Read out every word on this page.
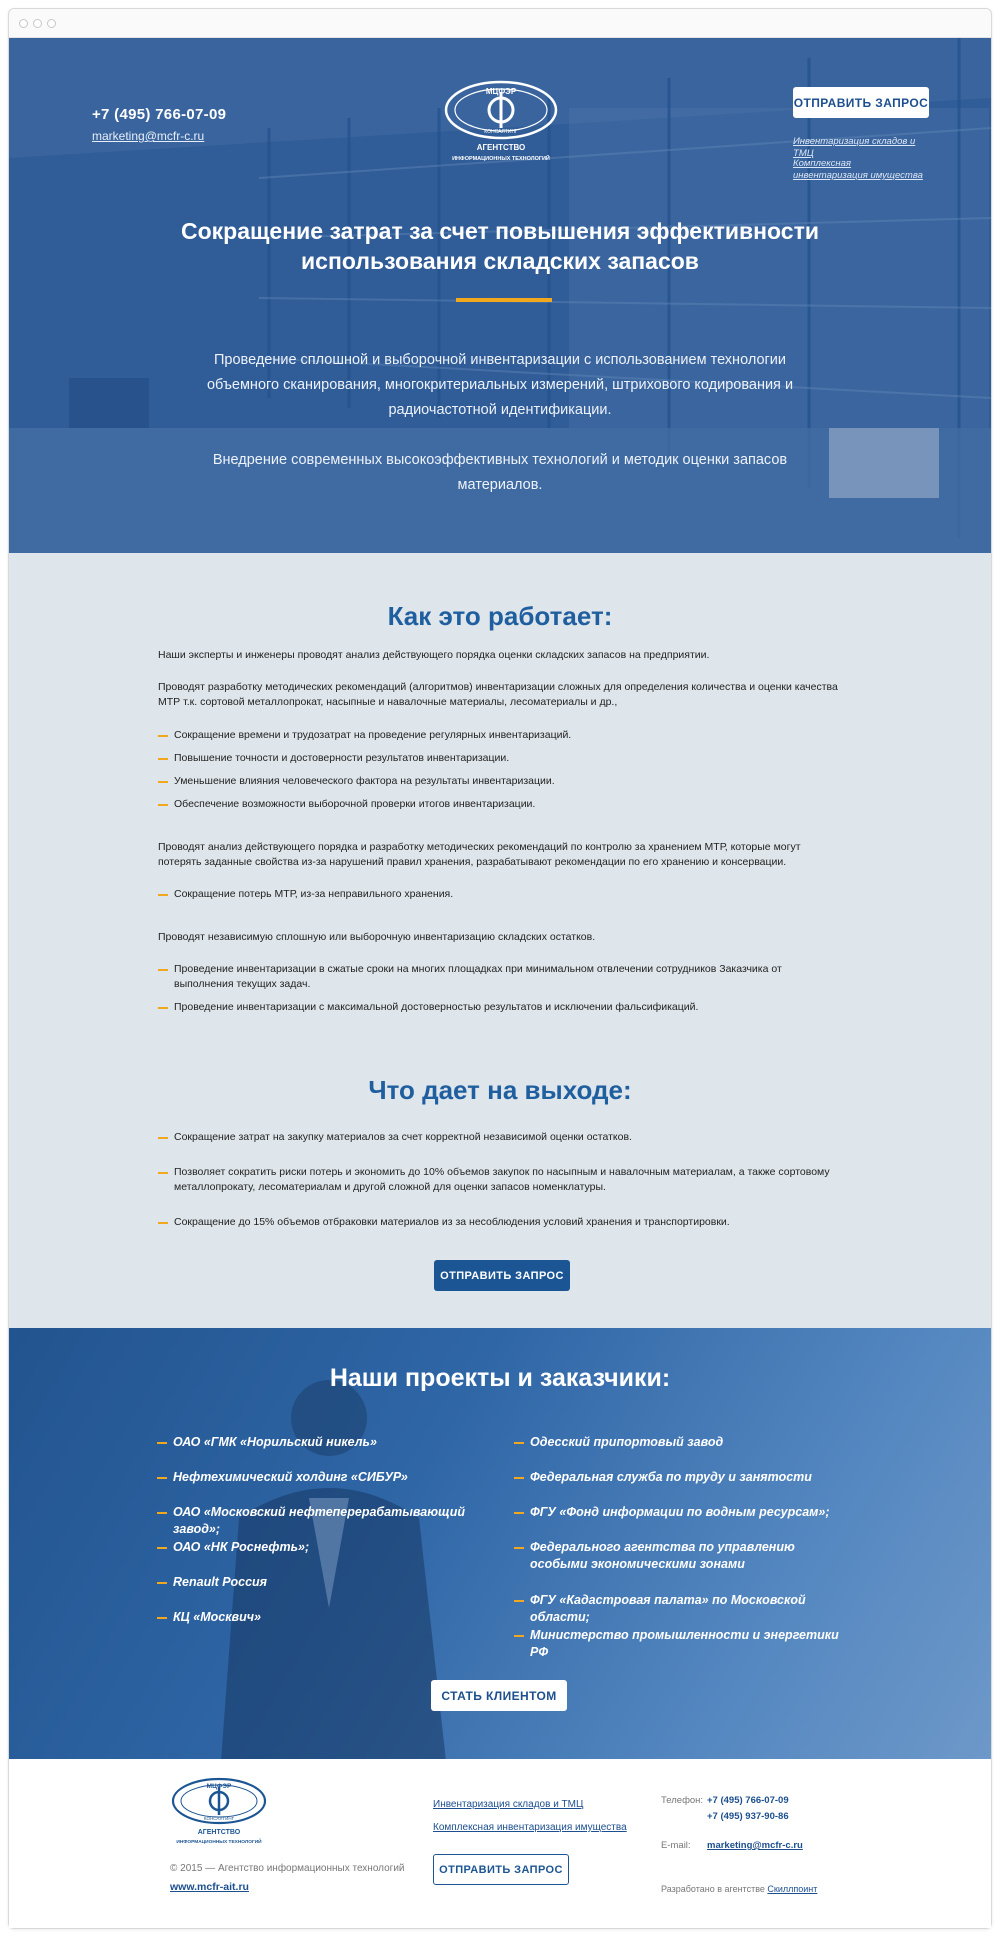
+7 (495) 766-07-09
marketing@mcfr-c.ru
МЦФЭР
КОНСАЛТИНГ
АГЕНТСТВО
ИНФОРМАЦИОННЫХ ТЕХНОЛОГИЙ
ОТПРАВИТЬ ЗАПРОС
Инвентаризация складов и ТМЦ
Комплексная инвентаризация имущества
Сокращение затрат за счет повышения эффективности использования складских запасов

Проведение сплошной и выборочной инвентаризации с использованием технологии объемного сканирования, многокритериальных измерений, штрихового кодирования и радиочастотной идентификации.

Внедрение современных высокоэффективных технологий и методик оценки запасов материалов.

Как это работает:

Наши эксперты и инженеры проводят анализ действующего порядка оценки складских запасов на предприятии.

Проводят разработку методических рекомендаций (алгоритмов) инвентаризации сложных для определения количества и оценки качества МТР т.к. сортовой металлопрокат, насыпные и навалочные материалы, лесоматериалы и др.,

Сокращение времени и трудозатрат на проведение регулярных инвентаризаций.
Повышение точности и достоверности результатов инвентаризации.
Уменьшение влияния человеческого фактора на результаты инвентаризации.
Обеспечение возможности выборочной проверки итогов инвентаризации.

Проводят анализ действующего порядка и разработку методических рекомендаций по контролю за хранением МТР, которые могут потерять заданные свойства из-за нарушений правил хранения, разрабатывают рекомендации по его хранению и консервации.

Сокращение потерь МТР, из-за неправильного хранения.

Проводят независимую сплошную или выборочную инвентаризацию складских остатков.

Проведение инвентаризации в сжатые сроки на многих площадках при минимальном отвлечении сотрудников Заказчика от выполнения текущих задач.
Проведение инвентаризации с максимальной достоверностью результатов и исключении фальсификаций.
Что дает на выходе:
Сокращение затрат на закупку материалов за счет корректной независимой оценки остатков.
Позволяет сократить риски потерь и экономить до 10% объемов закупок по насыпным и навалочным материалам, а также сортовому металлопрокату, лесоматериалам и другой сложной для оценки запасов номенклатуры.
Сокращение до 15% объемов отбраковки материалов из за несоблюдения условий хранения и транспортировки.
ОТПРАВИТЬ ЗАПРОС
Наши проекты и заказчики:
ОАО «ГМК «Норильский никель»
Нефтехимический холдинг «СИБУР»
ОАО «Московский нефтеперерабатывающий завод»;
ОАО «НК Роснефть»;
Renault Россия
КЦ «Москвич»
Одесский припортовый завод
Федеральная служба по труду и занятости
ФГУ «Фонд информации по водным ресурсам»;
Федерального агентства по управлению особыми экономическими зонами
ФГУ «Кадастровая палата» по Московской области;
Министерство промышленности и энергетики РФ
СТАТЬ КЛИЕНТОМ
МЦФЭР
КОНСАЛТИНГ
АГЕНТСТВО
ИНФОРМАЦИОННЫХ ТЕХНОЛОГИЙ
© 2015 — Агентство информационных технологий
www.mcfr-ait.ru
Инвентаризация складов и ТМЦ
Комплексная инвентаризация имущества
ОТПРАВИТЬ ЗАПРОС
Телефон: +7 (495) 766-07-09
+7 (495) 937-90-86
E-mail: marketing@mcfr-c.ru
Разработано в агентстве Скиллпоинт
